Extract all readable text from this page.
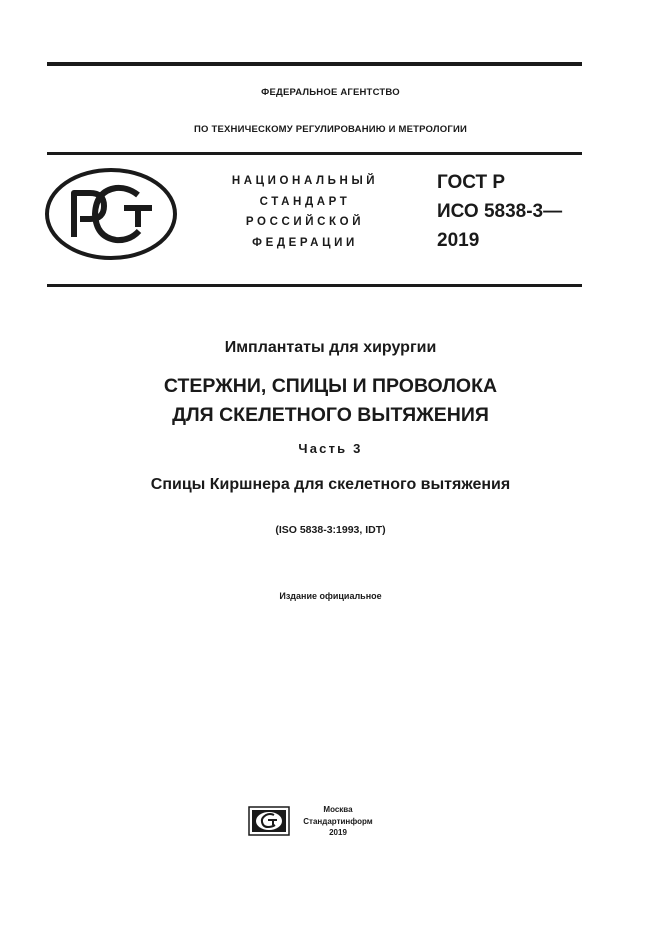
ФЕДЕРАЛЬНОЕ АГЕНТСТВО
ПО ТЕХНИЧЕСКОМУ РЕГУЛИРОВАНИЮ И МЕТРОЛОГИИ
НАЦИОНАЛЬНЫЙ
СТАНДАРТ
РОССИЙСКОЙ
ФЕДЕРАЦИИ
ГОСТ Р
ИСО 5838-3—
2019
Имплантаты для хирургии
СТЕРЖНИ, СПИЦЫ И ПРОВОЛОКА
ДЛЯ СКЕЛЕТНОГО ВЫТЯЖЕНИЯ
Часть 3
Спицы Киршнера для скелетного вытяжения
(ISO 5838-3:1993, IDT)
Издание официальное
Москва
Стандартинформ
2019
